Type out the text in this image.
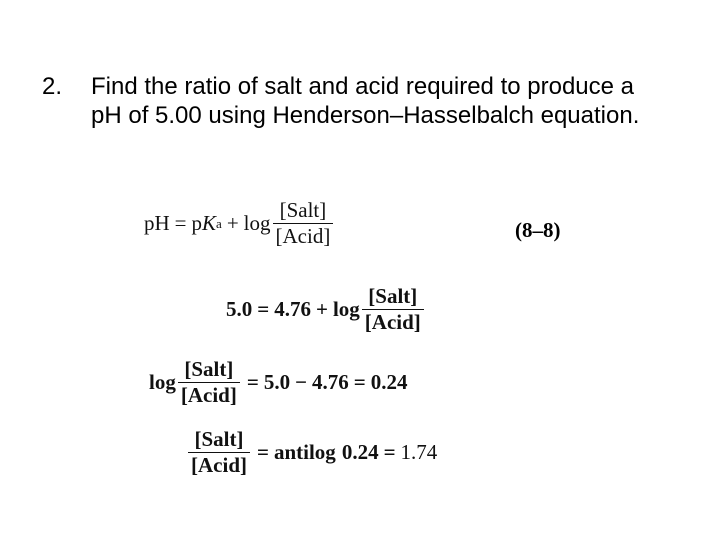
2. Find the ratio of salt and acid required to produce a pH of 5.00 using Henderson–Hasselbalch equation.
pH = p K $a + \log \frac{\text{[Salt]}}{\text{[Acid]}}$	(8–8)
$5.0 = 4.76 + \log \frac{\text{[Salt]}}{\text{[Acid]}}$
$\log \frac{\text{[Salt]}}{\text{[Acid]}} = 5.0 - 4.76 = 0.24$
$\frac{\text{[Salt]}}{\text{[Acid]}}$ = antilog 0.24 = 1.74
